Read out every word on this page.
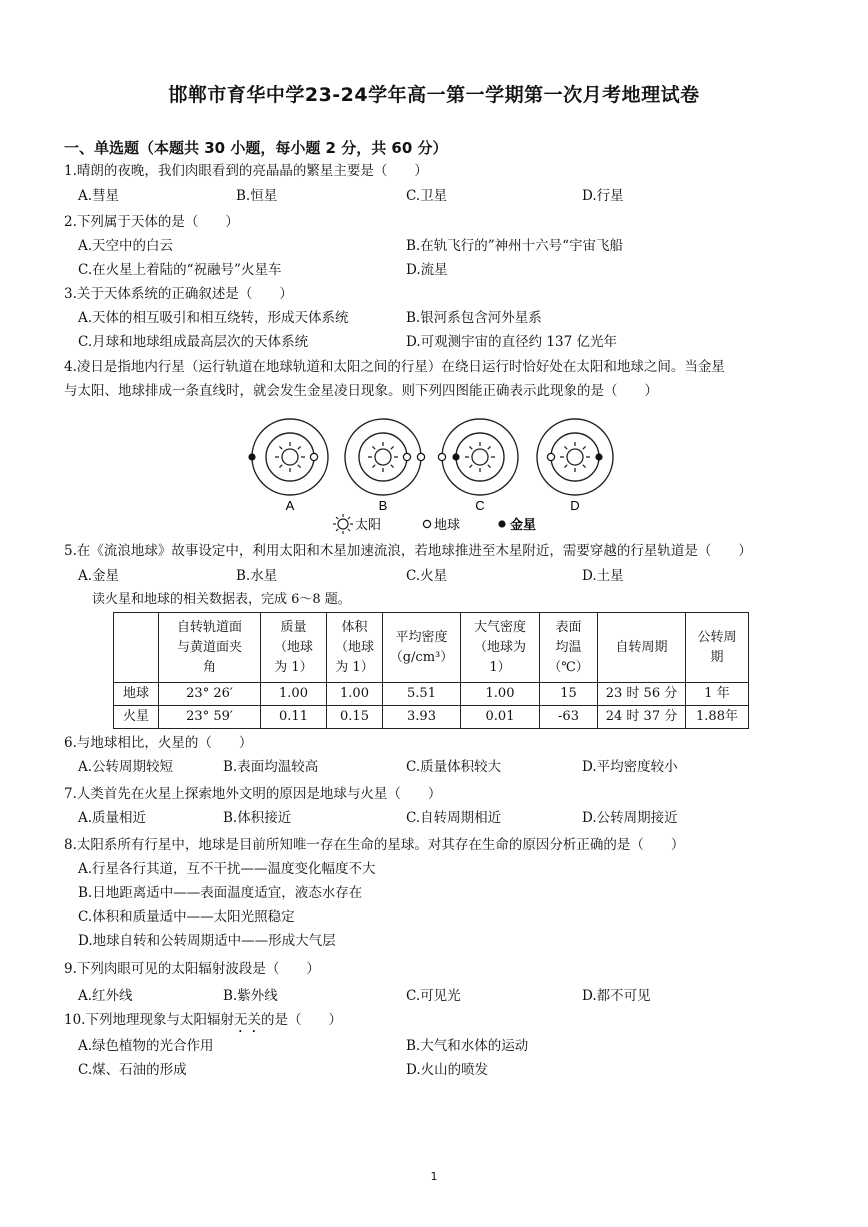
邯郸市育华中学23-24学年高一第一学期第一次月考地理试卷
一、单选题（本题共 30 小题，每小题 2 分，共 60 分）
1.晴朗的夜晚，我们肉眼看到的亮晶晶的繁星主要是（　　）
A.彗星	B.恒星	C.卫星	D.行星
2.下列属于天体的是（　　）
A.天空中的白云	B.在轨飞行的”神州十六号“宇宙飞船
C.在火星上着陆的“祝融号”火星车	D.流星
3.关于天体系统的正确叙述是（　　）
A.天体的相互吸引和相互绕转，形成天体系统	B.银河系包含河外星系
C.月球和地球组成最高层次的天体系统	D.可观测宇宙的直径约 137 亿光年
4.凌日是指地内行星（运行轨道在地球轨道和太阳之间的行星）在绕日运行时恰好处在太阳和地球之间。当金星
与太阳、地球排成一条直线时，就会发生金星凌日现象。则下列四图能正确表示此现象的是（　　）
A	B	C	D
太阳	地球	金星
5.在《流浪地球》故事设定中，利用太阳和木星加速流浪，若地球推进至木星附近，需要穿越的行星轨道是（　　）
A.金星	B.水星	C.火星	D.土星
读火星和地球的相关数据表，完成 6～8 题。
	自转轨道面
与黄道面夹
角	质量
（地球
为 1）	体积
（地球
为 1）	平均密度
（g/cm³）	大气密度
（地球为
1）	表面
均温
（℃）	自转周期	公转周
期
地球	23° 26′	1.00	1.00	5.51	1.00	15	23 时 56 分	1 年
火星	23° 59′	0.11	0.15	3.93	0.01	-63	24 时 37 分	1.88年
6.与地球相比，火星的（　　）
A.公转周期较短	B.表面均温较高	C.质量体积较大	D.平均密度较小
7.人类首先在火星上探索地外文明的原因是地球与火星（　　）
A.质量相近	B.体积接近	C.自转周期相近	D.公转周期接近
8.太阳系所有行星中，地球是目前所知唯一存在生命的星球。对其存在生命的原因分析正确的是（　　）
A.行星各行其道，互不干扰——温度变化幅度不大
B.日地距离适中——表面温度适宜，液态水存在
C.体积和质量适中——太阳光照稳定
D.地球自转和公转周期适中——形成大气层
9.下列肉眼可见的太阳辐射波段是（　　）
A.红外线	B.紫外线	C.可见光	D.都不可见
10.下列地理现象与太阳辐射无关的是（　　）
A.绿色植物的光合作用	B.大气和水体的运动
C.煤、石油的形成	D.火山的喷发
1
